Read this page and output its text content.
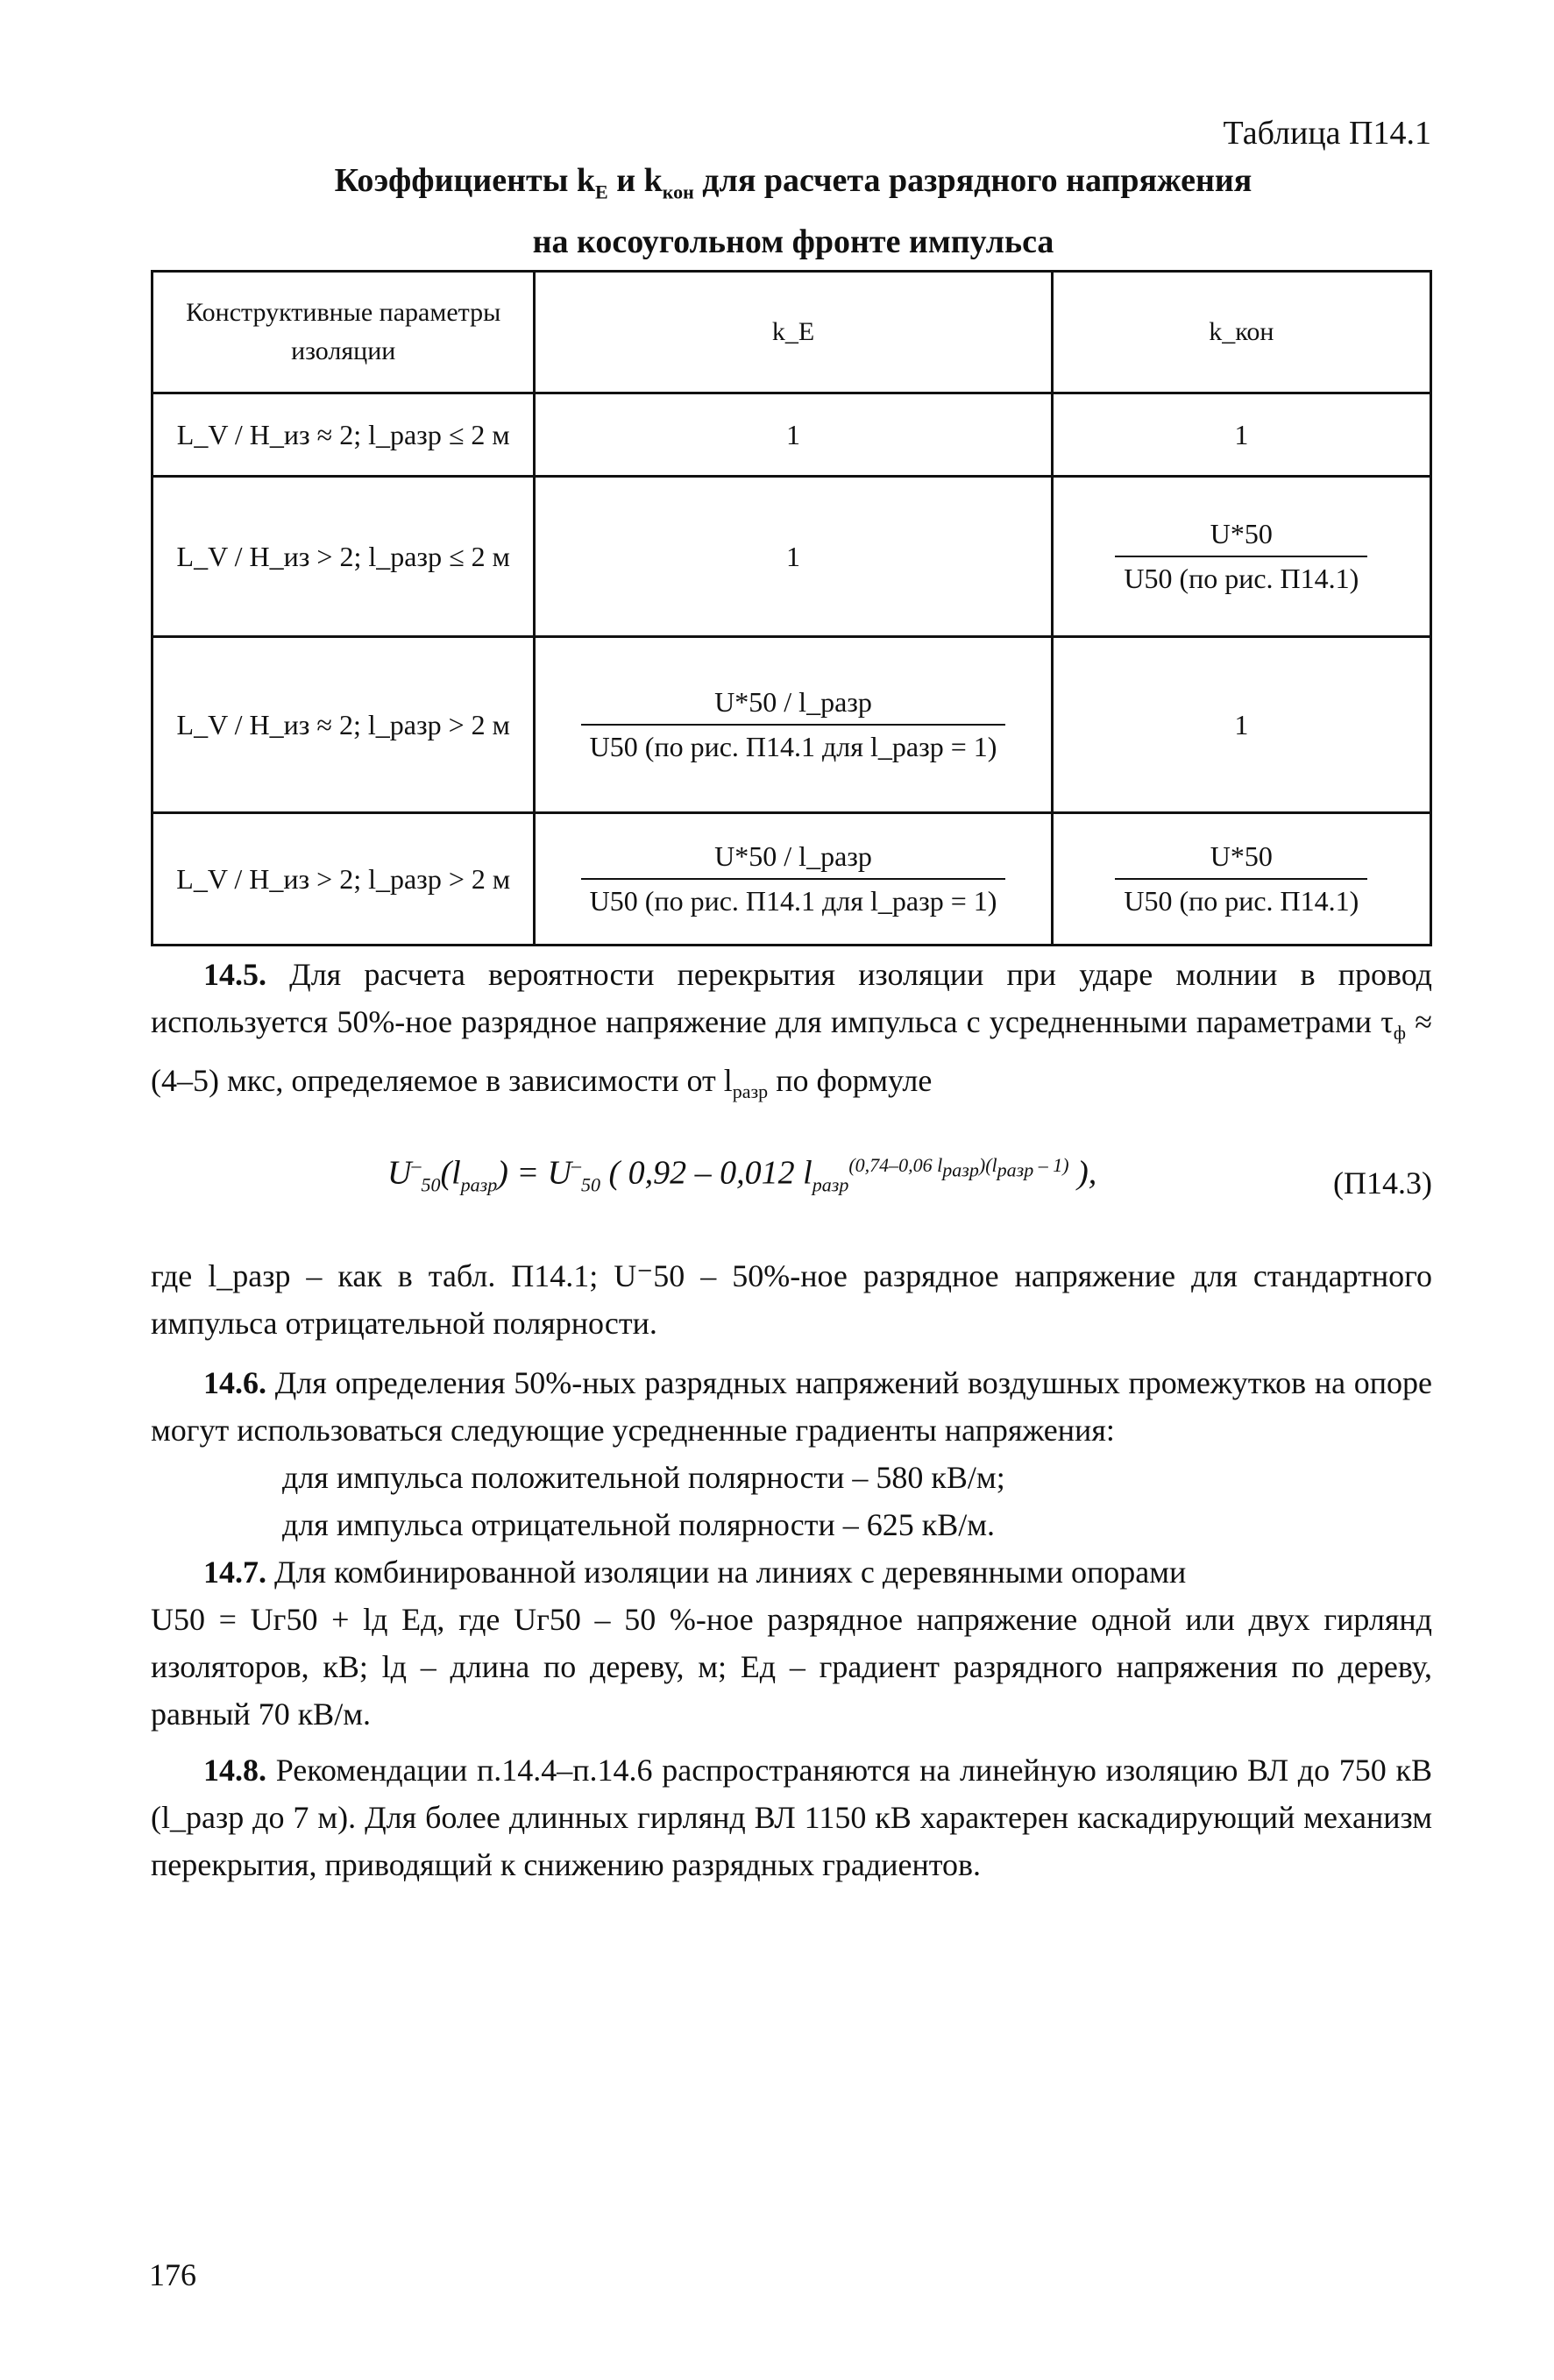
Таблица П14.1
Коэффициенты $k_E$ и $k_{кон}$ для расчета разрядного напряжения
на косоугольном фронте импульса
Конструктивные параметры изоляции	k_E	k_кон
L_V / H_из ≈ 2; l_разр ≤ 2 м	1	1
L_V / H_из > 2; l_разр ≤ 2 м	1	$\frac{U*50}{\text{U50 (по рис. П14.1)}}$

L_V / H_из ≈ 2; l_разр > 2 м	$\frac{\text{U*50 / l\_разр}}{\text{U50 (по рис. П14.1 для l\_разр = 1)}}$	1
L_V / H_из > 2; l_разр > 2 м	$\frac{\text{U*50 / l\_разр}}{\text{U50 (по рис. П14.1 для l\_разр = 1)}}$	$\frac{U*50}{\text{U50 (по рис. П14.1)}}$

14.5. Для расчета вероятности перекрытия изоляции при ударе молнии в провод используется 50%-ное разрядное напряжение для импульса с усредненными параметрами $\tau_ф \approx (4-5)$ мкс, определяемое в зависимости от $l_{разр}$ по формуле

$U^-_{50}(l_{разр}) = U^-_{50}$ ( 0,92 – 0,012 $l_{разр}^{(0,74-0,06 l_{разр})(l_{разр} - 1)}$ ),	(П14.3)

где l_разр – как в табл. П14.1; U⁻50 – 50%-ное разрядное напряжение для стандартного импульса отрицательной полярности.

14.6. Для определения 50%-ных разрядных напряжений воздушных промежутков на опоре могут использоваться следующие усредненные градиенты напряжения:

для импульса положительной полярности – 580 кВ/м;

для импульса отрицательной полярности – 625 кВ/м.

14.7. Для комбинированной изоляции на линиях с деревянными опорами

U50 = Uг50 + lд Eд, где Uг50 – 50 %-ное разрядное напряжение одной или двух гирлянд изоляторов, кВ; lд – длина по дереву, м; Eд – градиент разрядного напряжения по дереву, равный 70 кВ/м.

14.8. Рекомендации п.14.4–п.14.6 распространяются на линейную изоляцию ВЛ до 750 кВ (l_разр до 7 м). Для более длинных гирлянд ВЛ 1150 кВ характерен каскадирующий механизм перекрытия, приводящий к снижению разрядных градиентов.

176
